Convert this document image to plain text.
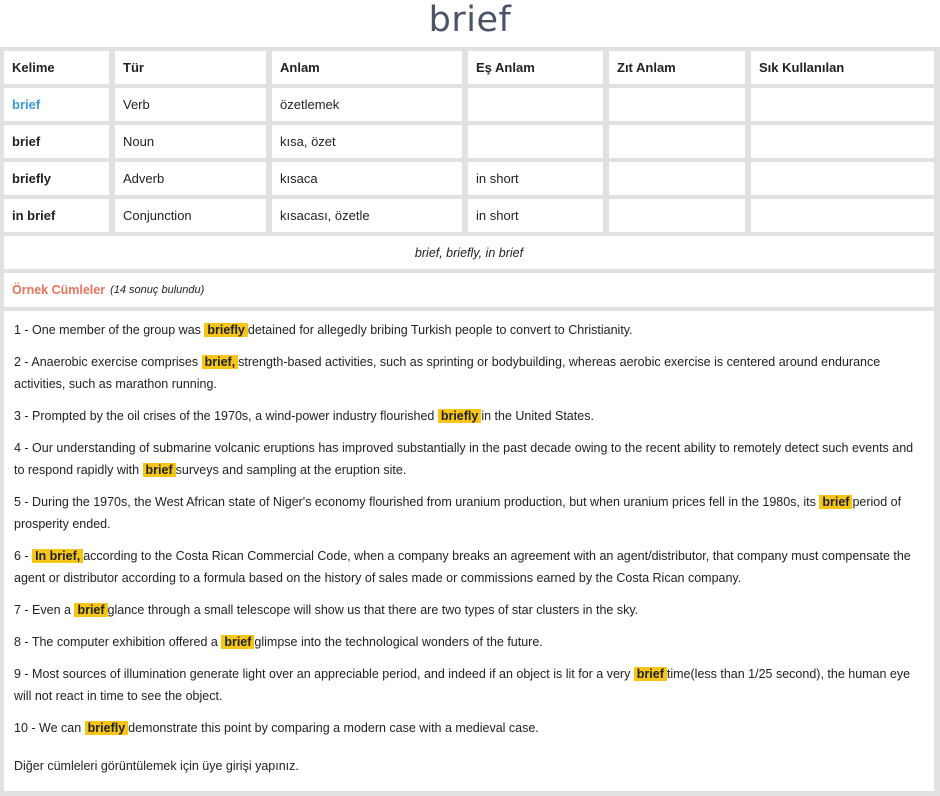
brief
Kelime	Tür	Anlam	Eş Anlam	Zıt Anlam	Sık Kullanılan
brief	Verb	özetlemek
brief	Noun	kısa, özet
briefly	Adverb	kısaca	in short
in brief	Conjunction	kısacası, özetle	in short
brief, briefly, in brief
Örnek Cümleler (14 sonuç bulundu)
1 - One member of the group was briefly detained for allegedly bribing Turkish people to convert to Christianity.
2 - Anaerobic exercise comprises brief, strength-based activities, such as sprinting or bodybuilding, whereas aerobic exercise is centered around endurance activities, such as marathon running.
3 - Prompted by the oil crises of the 1970s, a wind-power industry flourished briefly in the United States.
4 - Our understanding of submarine volcanic eruptions has improved substantially in the past decade owing to the recent ability to remotely detect such events and to respond rapidly with brief surveys and sampling at the eruption site.
5 - During the 1970s, the West African state of Niger's economy flourished from uranium production, but when uranium prices fell in the 1980s, its brief period of prosperity ended.
6 - In brief, according to the Costa Rican Commercial Code, when a company breaks an agreement with an agent/distributor, that company must compensate the agent or distributor according to a formula based on the history of sales made or commissions earned by the Costa Rican company.
7 - Even a brief glance through a small telescope will show us that there are two types of star clusters in the sky.
8 - The computer exhibition offered a brief glimpse into the technological wonders of the future.
9 - Most sources of illumination generate light over an appreciable period, and indeed if an object is lit for a very brief time(less than 1/25 second), the human eye will not react in time to see the object.
10 - We can briefly demonstrate this point by comparing a modern case with a medieval case.
Diğer cümleleri görüntülemek için üye girişi yapınız.
